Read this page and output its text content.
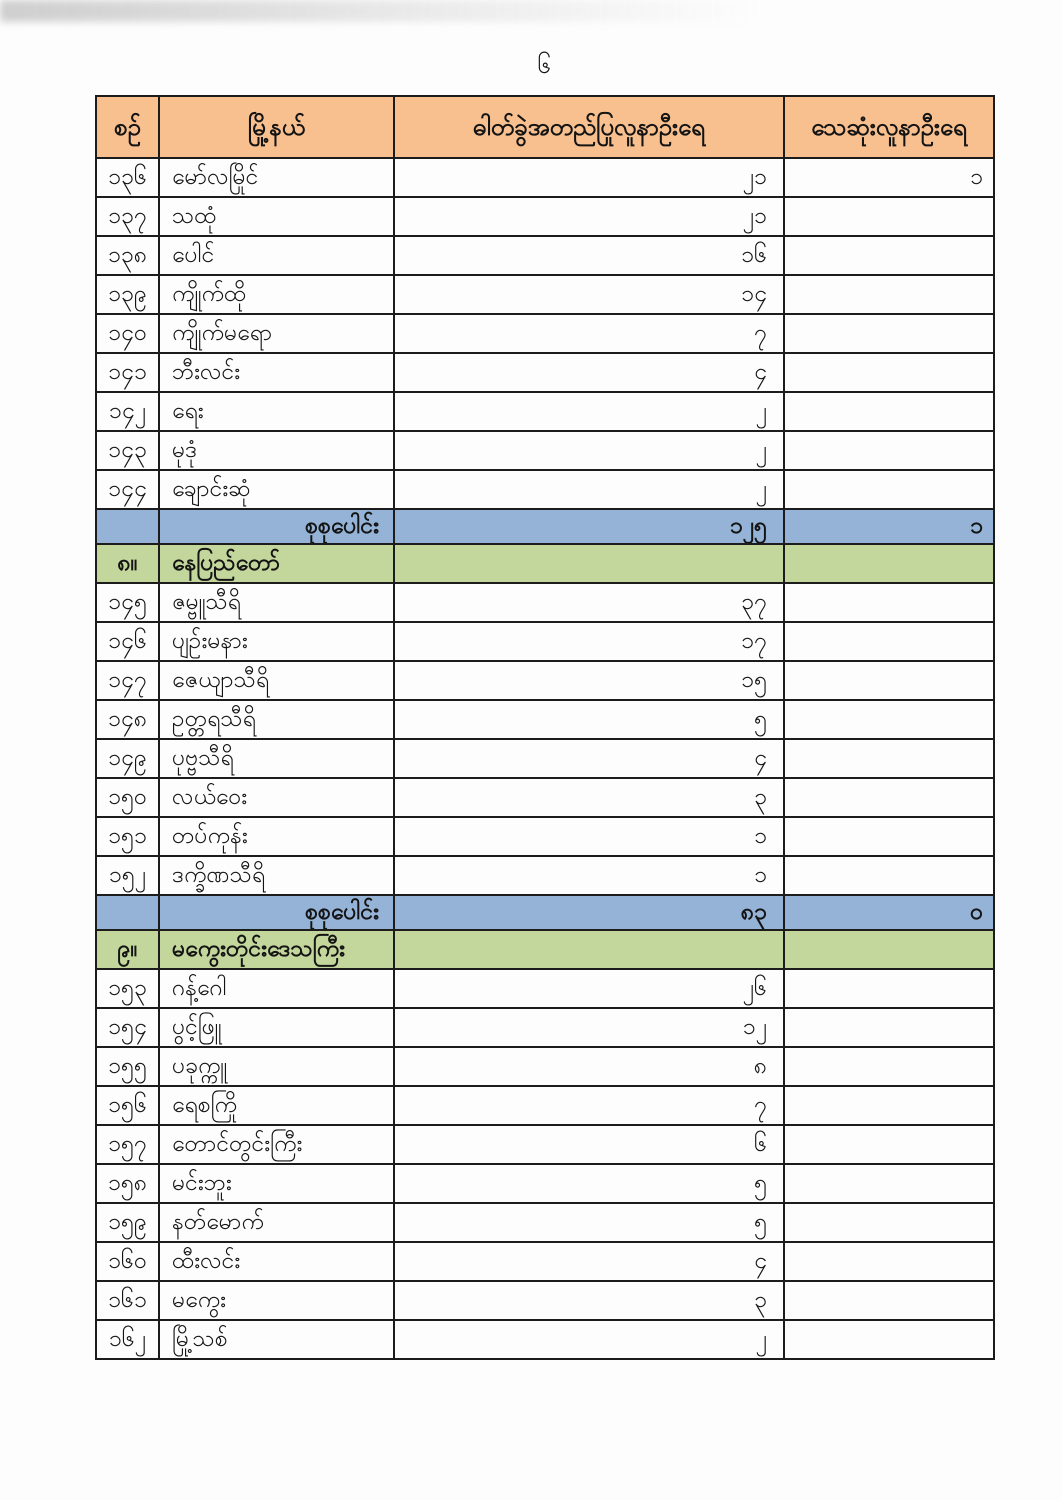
၆
စဉ်	မြို့နယ်	ဓါတ်ခွဲအတည်ပြုလူနာဦးရေ	သေဆုံးလူနာဦးရေ
၁၃၆	မော်လမြိုင်	၂၁	၁
၁၃၇	သထုံ	၂၁	
၁၃၈	ပေါင်	၁၆	
၁၃၉	ကျိုက်ထို	၁၄	
၁၄၀	ကျိုက်မရော	၇	
၁၄၁	ဘီးလင်း	၄	
၁၄၂	ရေး	၂	
၁၄၃	မုဒုံ	၂	
၁၄၄	ချောင်းဆုံ	၂	
	စုစုပေါင်း	၁၂၅	၁
၈။	နေပြည်တော်		
၁၄၅	ဇမ္ဗူသီရိ	၃၇	
၁၄၆	ပျဉ်းမနား	၁၇	
၁၄၇	ဇေယျာသီရိ	၁၅	
၁၄၈	ဥတ္တရသီရိ	၅	
၁၄၉	ပုဗ္ဗသီရိ	၄	
၁၅၀	လယ်ဝေး	၃	
၁၅၁	တပ်ကုန်း	၁	
၁၅၂	ဒက္ခိဏသီရိ	၁	
	စုစုပေါင်း	၈၃	၀
၉။	မကွေးတိုင်းဒေသကြီး		
၁၅၃	ဂန့်ဂေါ	၂၆	
၁၅၄	ပွင့်ဖြူ	၁၂	
၁၅၅	ပခုက္ကူ	၈	
၁၅၆	ရေစကြို	၇	
၁၅၇	တောင်တွင်းကြီး	၆	
၁၅၈	မင်းဘူး	၅	
၁၅၉	နတ်မောက်	၅	
၁၆၀	ထီးလင်း	၄	
၁၆၁	မကွေး	၃	
၁၆၂	မြို့သစ်	၂	
